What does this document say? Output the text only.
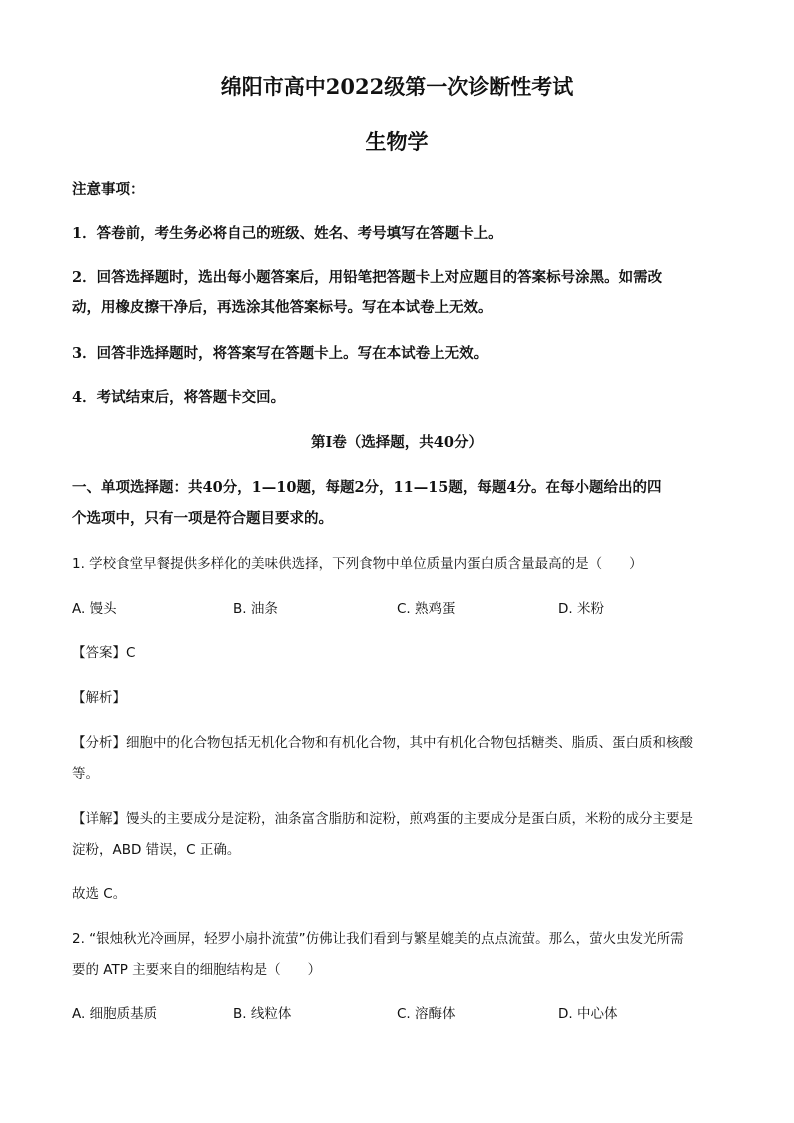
绵阳市高中2022级第一次诊断性考试
生物学
注意事项：
1．答卷前，考生务必将自己的班级、姓名、考号填写在答题卡上。
2．回答选择题时，选出每小题答案后，用铅笔把答题卡上对应题目的答案标号涂黑。如需改
动，用橡皮擦干净后，再选涂其他答案标号。写在本试卷上无效。
3．回答非选择题时，将答案写在答题卡上。写在本试卷上无效。
4．考试结束后，将答题卡交回。
第I卷（选择题，共40分）
一、单项选择题：共40分，1—10题，每题2分，11—15题，每题4分。在每小题给出的四
个选项中，只有一项是符合题目要求的。
1. 学校食堂早餐提供多样化的美味供选择，下列食物中单位质量内蛋白质含量最高的是（　　）
A. 馒头	B. 油条	C. 熟鸡蛋	D. 米粉
【答案】C
【解析】
【分析】细胞中的化合物包括无机化合物和有机化合物，其中有机化合物包括糖类、脂质、蛋白质和核酸
等。
【详解】馒头的主要成分是淀粉，油条富含脂肪和淀粉，煎鸡蛋的主要成分是蛋白质，米粉的成分主要是
淀粉，ABD 错误，C 正确。
故选 C。
2. “银烛秋光冷画屏，轻罗小扇扑流萤”仿佛让我们看到与繁星媲美的点点流萤。那么，萤火虫发光所需
要的 ATP 主要来自的细胞结构是（　　）
A. 细胞质基质	B. 线粒体	C. 溶酶体	D. 中心体
